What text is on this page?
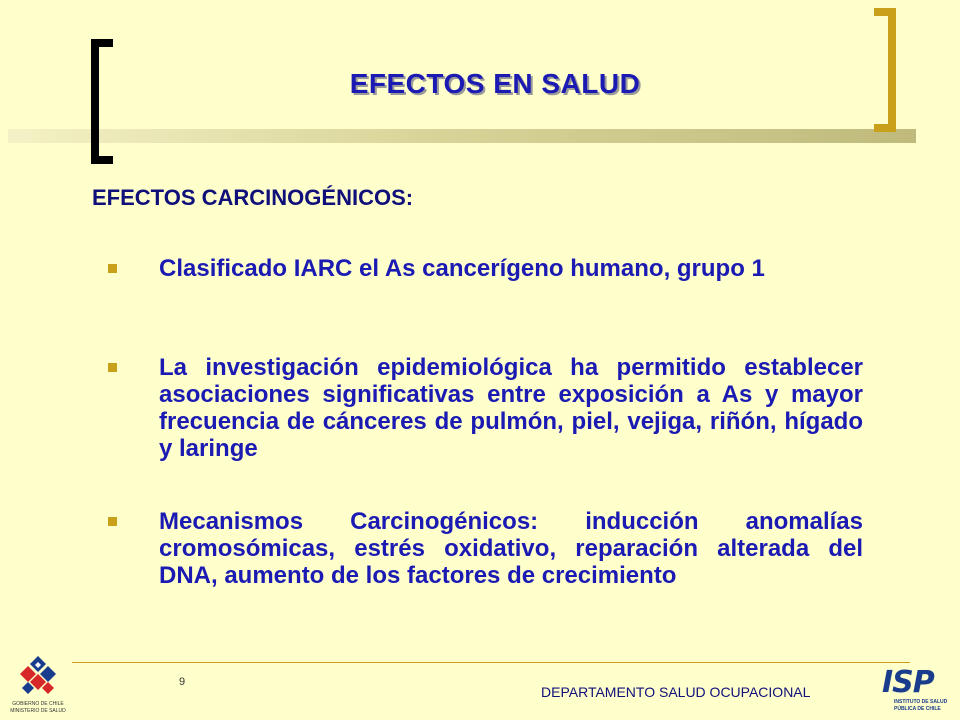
EFECTOS EN SALUD
EFECTOS CARCINOGÉNICOS:
Clasificado IARC el As cancerígeno humano, grupo 1
La investigación epidemiológica ha permitido establecer asociaciones significativas entre exposición a As y mayor frecuencia de cánceres de pulmón, piel, vejiga, riñón, hígado y laringe
Mecanismos Carcinogénicos: inducción anomalías cromosómicas, estrés oxidativo, reparación alterada del DNA, aumento de los factores de crecimiento
9
DEPARTAMENTO SALUD OCUPACIONAL
GOBIERNO DE CHILE
MINISTERIO DE SALUD
ISP
INSTITUTO DE SALUD
PÚBLICA DE CHILE
